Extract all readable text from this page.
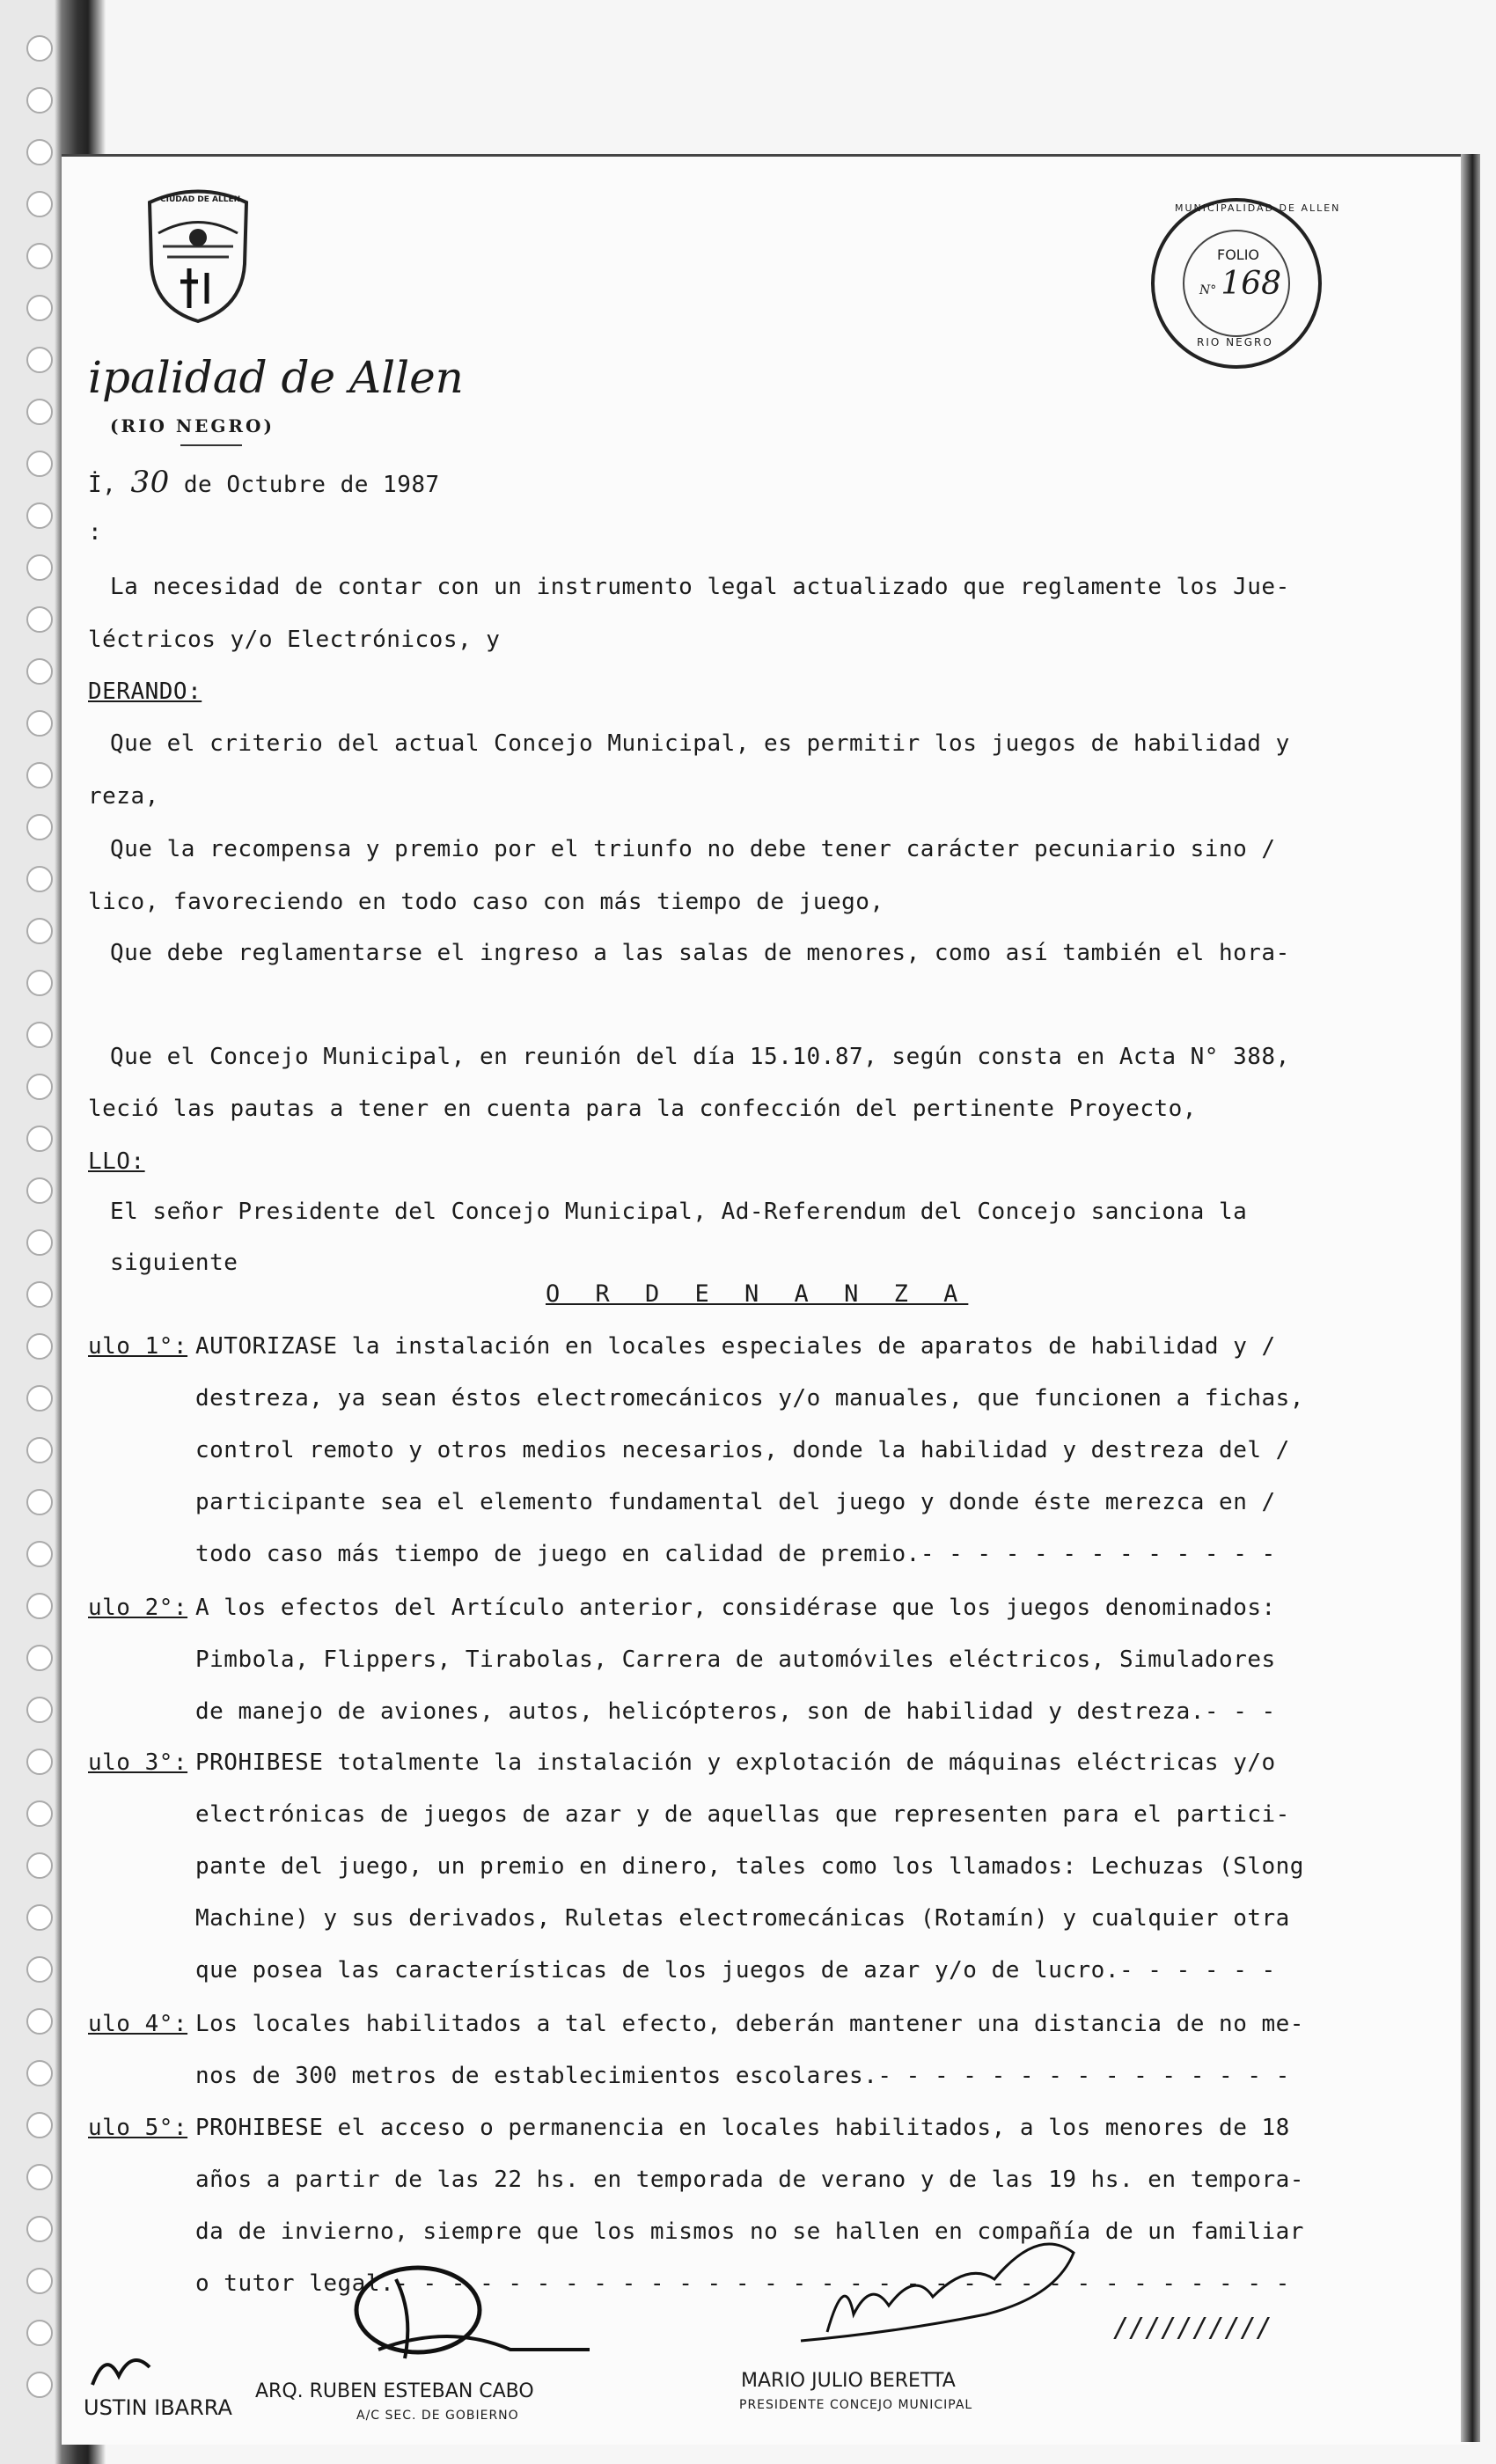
CIUDAD DE ALLEN
ipalidad de Allen
(RIO NEGRO)
İ, 30 de Octubre de 1987
MUNICIPALIDAD DE ALLEN
FOLIO
N° 168
RIO NEGRO
:
La necesidad de contar con un instrumento legal actualizado que reglamente los Jue-
léctricos y/o Electrónicos, y
DERANDO:
Que el criterio del actual Concejo Municipal, es permitir los juegos de habilidad y
reza,
Que la recompensa y premio por el triunfo no debe tener carácter pecuniario sino /
lico, favoreciendo en todo caso con más tiempo de juego,
Que debe reglamentarse el ingreso a las salas de menores, como así también el hora-
Que el Concejo Municipal, en reunión del día 15.10.87, según consta en Acta N° 388,
leció las pautas a tener en cuenta para la confección del pertinente Proyecto,
LLO:
El señor Presidente del Concejo Municipal, Ad-Referendum del Concejo sanciona la
siguiente
O R D E N A N Z A
ulo 1°: AUTORIZASE la instalación en locales especiales de aparatos de habilidad y /
destreza, ya sean éstos electromecánicos y/o manuales, que funcionen a fichas,
control remoto y otros medios necesarios, donde la habilidad y destreza del /
participante sea el elemento fundamental del juego y donde éste merezca en /
todo caso más tiempo de juego en calidad de premio.- - - - - - - - - - - - -
ulo 2°: A los efectos del Artículo anterior, considérase que los juegos denominados:
Pimbola, Flippers, Tirabolas, Carrera de automóviles eléctricos, Simuladores
de manejo de aviones, autos, helicópteros, son de habilidad y destreza.- - -
ulo 3°: PROHIBESE totalmente la instalación y explotación de máquinas eléctricas y/o
electrónicas de juegos de azar y de aquellas que representen para el partici-
pante del juego, un premio en dinero, tales como los llamados: Lechuzas (Slong
Machine) y sus derivados, Ruletas electromecánicas (Rotamín) y cualquier otra
que posea las características de los juegos de azar y/o de lucro.- - - - - -
ulo 4°: Los locales habilitados a tal efecto, deberán mantener una distancia de no me-
nos de 300 metros de establecimientos escolares.- - - - - - - - - - - - - - -
ulo 5°: PROHIBESE el acceso o permanencia en locales habilitados, a los menores de 18
años a partir de las 22 hs. en temporada de verano y de las 19 hs. en tempora-
da de invierno, siempre que los mismos no se hallen en compañía de un familiar
o tutor legal.- - - - - - - - - - - - - - - - - - - - - - - - - - - - - - - -
//////////
USTIN IBARRA
ARQ. RUBEN ESTEBAN CABO
A/C SEC. DE GOBIERNO
MARIO JULIO BERETTA
PRESIDENTE CONCEJO MUNICIPAL
